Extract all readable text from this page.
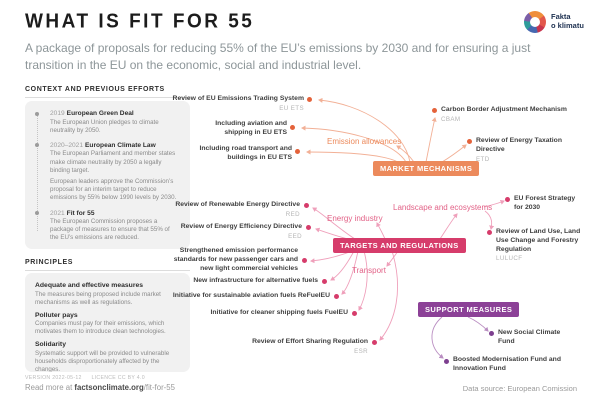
WHAT IS FIT FOR 55	Fakta
o klimatu
A package of proposals for reducing 55% of the EU’s emissions by 2030 and for ensuring a just transition in the EU on the economic, social and industrial level.
CONTEXT AND PREVIOUS EFFORTS
2019 European Green Deal
The European Union pledges to climate neutrality by 2050.
2020–2021 European Climate Law
The European Parliament and member states make climate neutrality by 2050 a legally binding target.
European leaders approve the Commission’s proposal for an interim target to reduce emissions by 55% below 1990 levels by 2030.
2021 Fit for 55
The European Commission proposes a package of measures to ensure that 55% of the EU’s emissions are reduced.
PRINCIPLES
Adequate and effective measures
The measures being proposed include market mechanisms as well as regulations.
Polluter pays
Companies must pay for their emissions, which motivates them to introduce clean technologies.
Solidarity
Systematic support will be provided to vulnerable households disproportionately affected by the changes.
Emission allowances
Energy industry
Landscape and ecosystems
Transport
MARKET MECHANISMS
TARGETS AND REGULATIONS
SUPPORT MEASURES
Review of EU Emissions Trading System
EU ETS
Including aviation and shipping in EU ETS
Including road transport and buildings in EU ETS
Carbon Border Adjustment Mechanism
CBAM
Review of Energy Taxation Directive
ETD
Review of Renewable Energy Directive
RED
Review of Energy Efficiency Directive
EED
Strengthened emission performance standards for new passenger cars and new light commercial vehicles
New infrastructure for alternative fuels
Initiative for sustainable aviation fuels ReFuelEU
Initiative for cleaner shipping fuels FuelEU
Review of Effort Sharing Regulation
ESR
EU Forest Strategy for 2030
Review of Land Use, Land Use Change and Forestry Regulation
LULUCF
New Social Climate Fund
Boosted Modernisation Fund and Innovation Fund
VERSION 2022-05-12 LICENCE CC BY 4.0
Read more at factsonclimate.org/fit-for-55	Data source: European Comission
